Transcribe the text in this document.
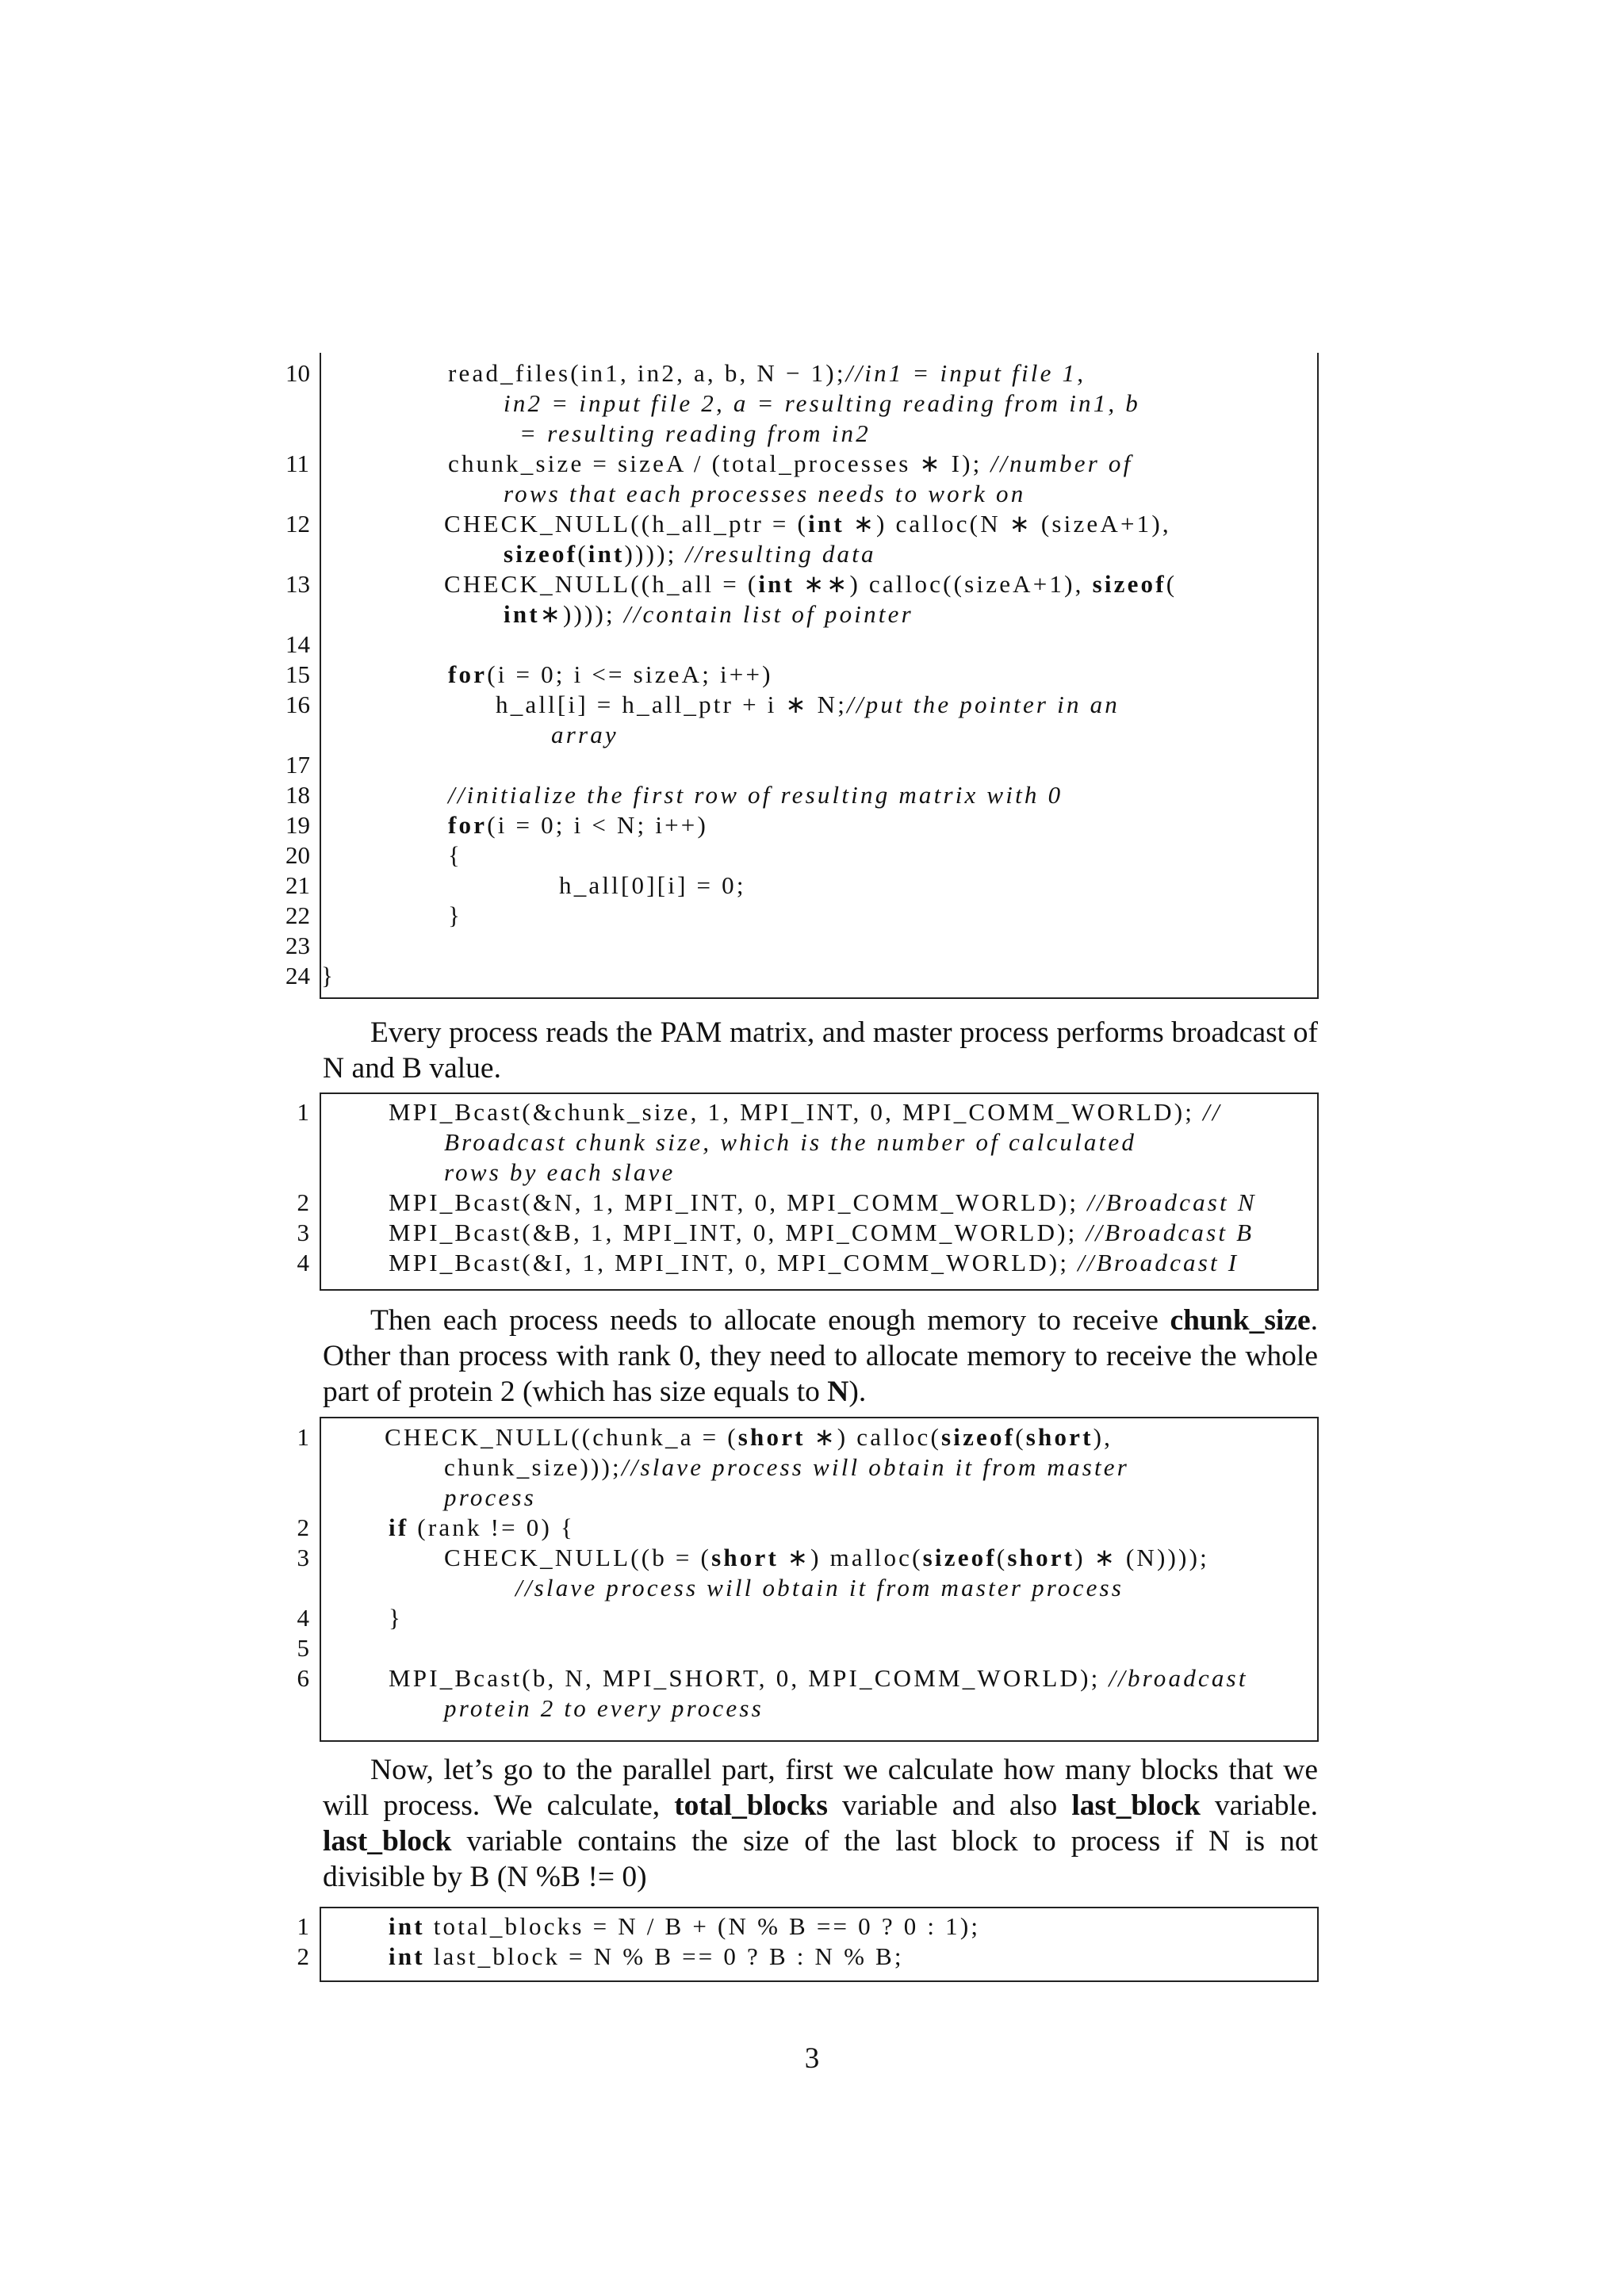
Every process reads the PAM matrix, and master process performs broadcast of N and B value.

Then each process needs to allocate enough memory to receive chunk_size. Other than process with rank 0, they need to allocate memory to receive the whole part of protein 2 (which has size equals to N).

Now, let’s go to the parallel part, first we calculate how many blocks that we will process. We calculate, total_blocks variable and also last_block variable. last_block variable contains the size of the last block to process if N is not divisible by B (N %B != 0)

3
10	read_files(in1, in2, a, b, N − 1);//in1 = input file 1,
in2 = input file 2, a = resulting reading from in1, b
= resulting reading from in2
11	chunk_size = sizeA / (total_processes ∗ I); //number of
rows that each processes needs to work on
12	CHECK_NULL((h_all_ptr = (int ∗) calloc(N ∗ (sizeA+1),
sizeof(int)))); //resulting data
13	CHECK_NULL((h_all = (int ∗∗) calloc((sizeA+1), sizeof(
int∗)))); //contain list of pointer
14
15	for(i = 0; i <= sizeA; i++)
16	h_all[i] = h_all_ptr + i ∗ N;//put the pointer in an
array
17
18	//initialize the first row of resulting matrix with 0
19	for(i = 0; i < N; i++)
20	{
21	h_all[0][i] = 0;
22	}
23
24 }
1	MPI_Bcast(&chunk_size, 1, MPI_INT, 0, MPI_COMM_WORLD); //
Broadcast chunk size, which is the number of calculated
rows by each slave
2	MPI_Bcast(&N, 1, MPI_INT, 0, MPI_COMM_WORLD); //Broadcast N
3	MPI_Bcast(&B, 1, MPI_INT, 0, MPI_COMM_WORLD); //Broadcast B
4	MPI_Bcast(&I, 1, MPI_INT, 0, MPI_COMM_WORLD); //Broadcast I
1	CHECK_NULL((chunk_a = (short ∗) calloc(sizeof(short),
chunk_size)));//slave process will obtain it from master
process
2	if (rank != 0) {
3	CHECK_NULL((b = (short ∗) malloc(sizeof(short) ∗ (N))));
//slave process will obtain it from master process
4	}
5
6	MPI_Bcast(b, N, MPI_SHORT, 0, MPI_COMM_WORLD); //broadcast
protein 2 to every process
1	int total_blocks = N / B + (N % B == 0 ? 0 : 1);
2	int last_block = N % B == 0 ? B : N % B;
